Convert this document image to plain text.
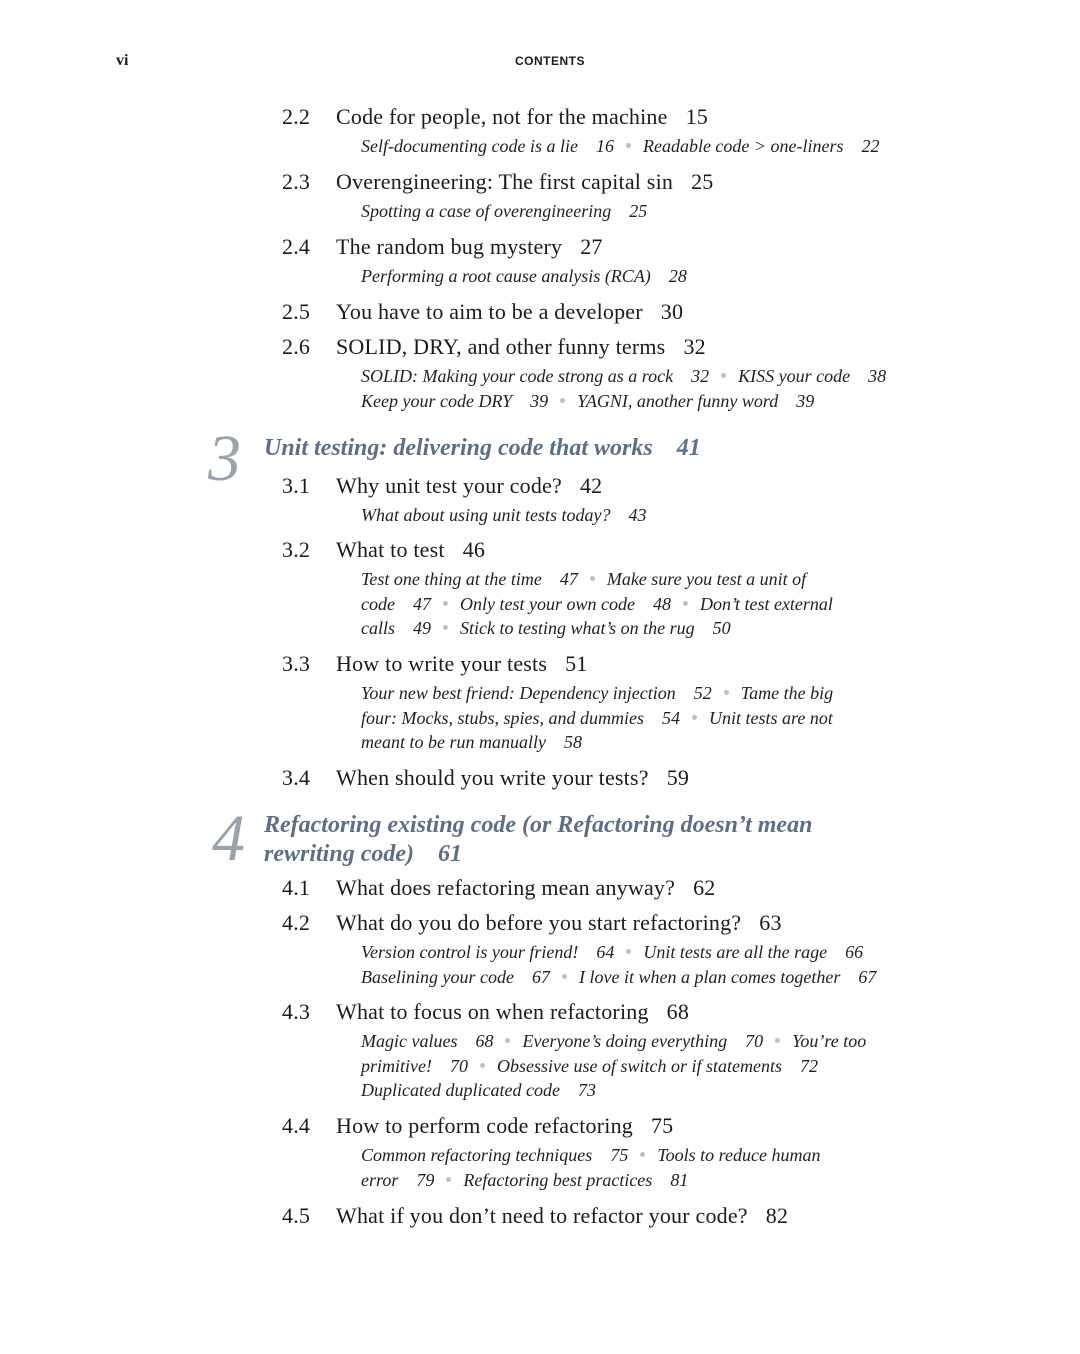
vi	CONTENTS
2.2 Code for people, not for the machine 15
Self-documenting code is a lie 16 Readable code > one-liners 22
2.3 Overengineering: The first capital sin 25
Spotting a case of overengineering 25
2.4 The random bug mystery 27
Performing a root cause analysis (RCA) 28
2.5 You have to aim to be a developer 30
2.6 SOLID, DRY, and other funny terms 32
SOLID: Making your code strong as a rock 32 KISS your code 38
Keep your code DRY 39 YAGNI, another funny word 39
3 Unit testing: delivering code that works 41
3.1 Why unit test your code? 42
What about using unit tests today? 43
3.2 What to test 46
Test one thing at the time 47 Make sure you test a unit of
code 47 Only test your own code 48 Don’t test external
calls 49 Stick to testing what’s on the rug 50
3.3 How to write your tests 51
Your new best friend: Dependency injection 52 Tame the big
four: Mocks, stubs, spies, and dummies 54 Unit tests are not
meant to be run manually 58
3.4 When should you write your tests? 59
4 Refactoring existing code (or Refactoring doesn’t mean
rewriting code) 61
4.1 What does refactoring mean anyway? 62
4.2 What do you do before you start refactoring? 63
Version control is your friend! 64 Unit tests are all the rage 66
Baselining your code 67 I love it when a plan comes together 67
4.3 What to focus on when refactoring 68
Magic values 68 Everyone’s doing everything 70 You’re too
primitive! 70 Obsessive use of switch or if statements 72
Duplicated duplicated code 73
4.4 How to perform code refactoring 75
Common refactoring techniques 75 Tools to reduce human
error 79 Refactoring best practices 81
4.5 What if you don’t need to refactor your code? 82
